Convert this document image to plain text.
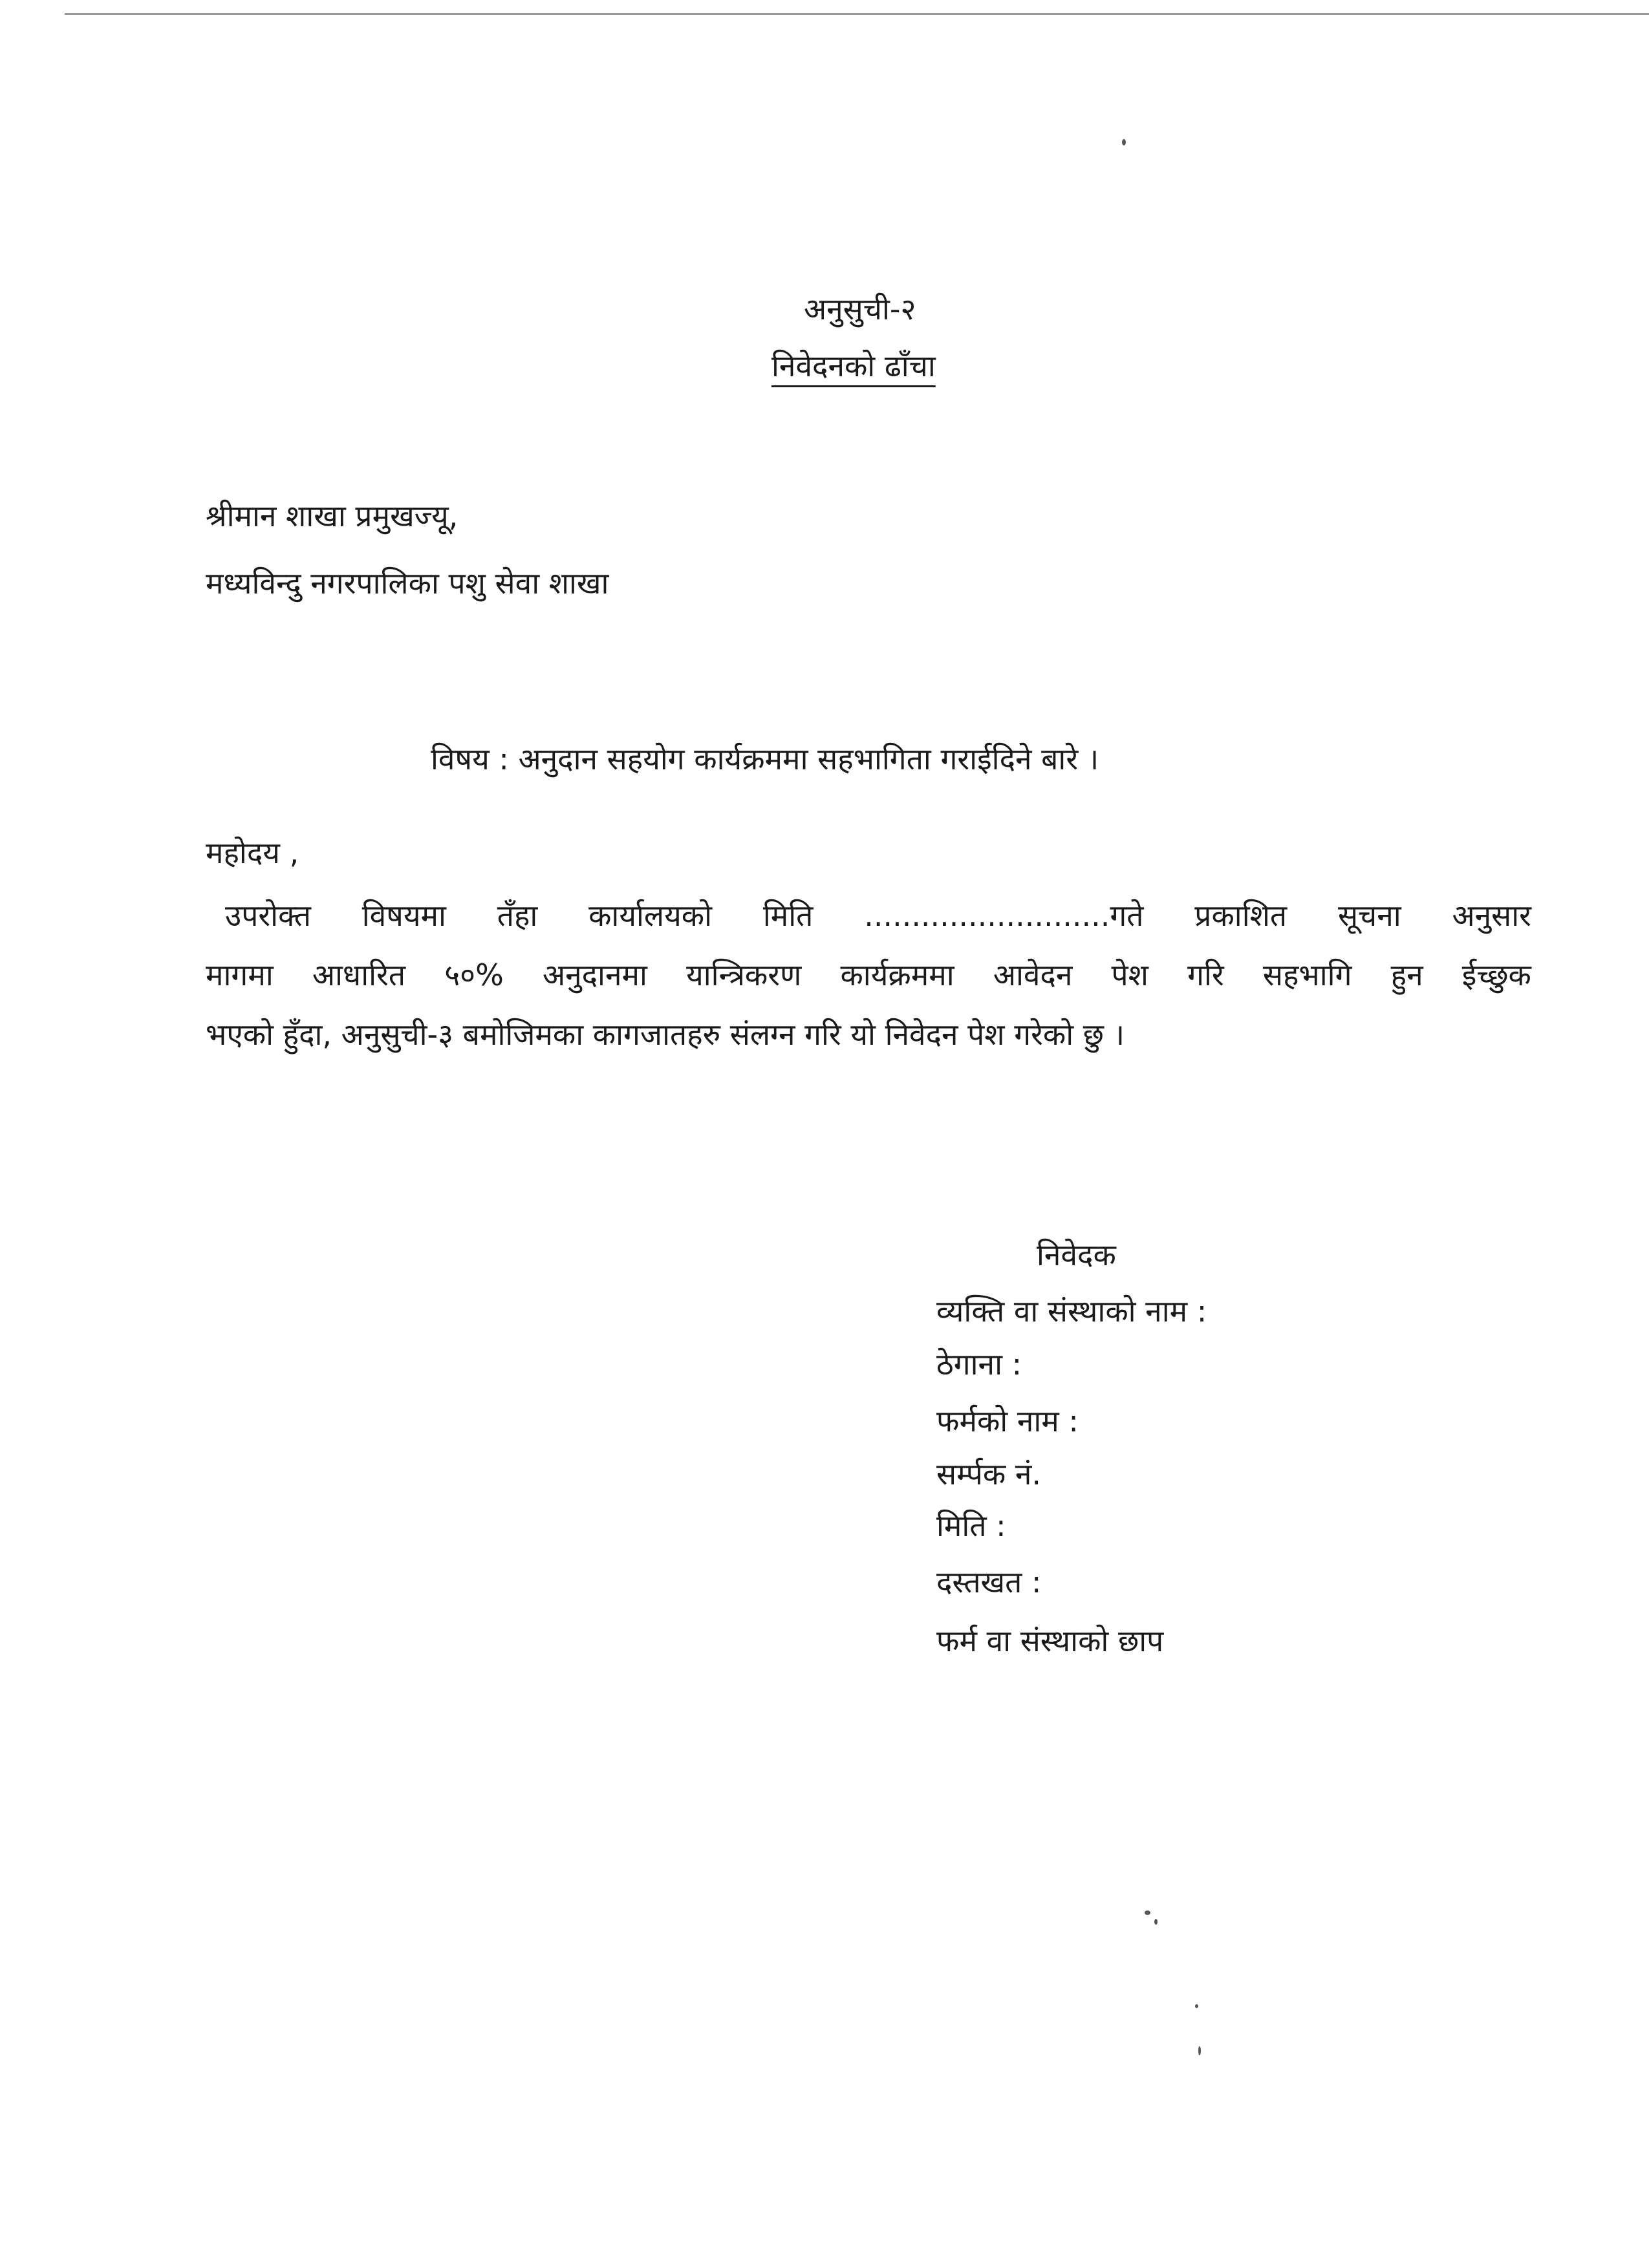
अनुसुची-२
निवेदनको ढाँचा
श्रीमान शाखा प्रमुखज्यू,
मध्यविन्दु नगरपालिका पशु सेवा शाखा
विषय : अनुदान सहयोग कार्यक्रममा सहभागिता गराईदिने बारे ।
महोदय ,
उपरोक्त विषयमा तँहा कार्यालयको मिति ..........................गते प्रकाशित सूचना अनुसार
मागमा आधारित ५०% अनुदानमा यान्त्रिकरण कार्यक्रममा आवेदन पेश गरि सहभागि हुन ईच्छुक
भएको हुँदा, अनुसुची-३ बमोजिमका कागजातहरु संलग्न गरि यो निवेदन पेश गरेको छु ।
निवेदक
व्यक्ति वा संस्थाको नाम :
ठेगाना :
फर्मको नाम :
सर्म्पक नं.
मिति :
दस्तखत :
फर्म वा संस्थाको छाप
